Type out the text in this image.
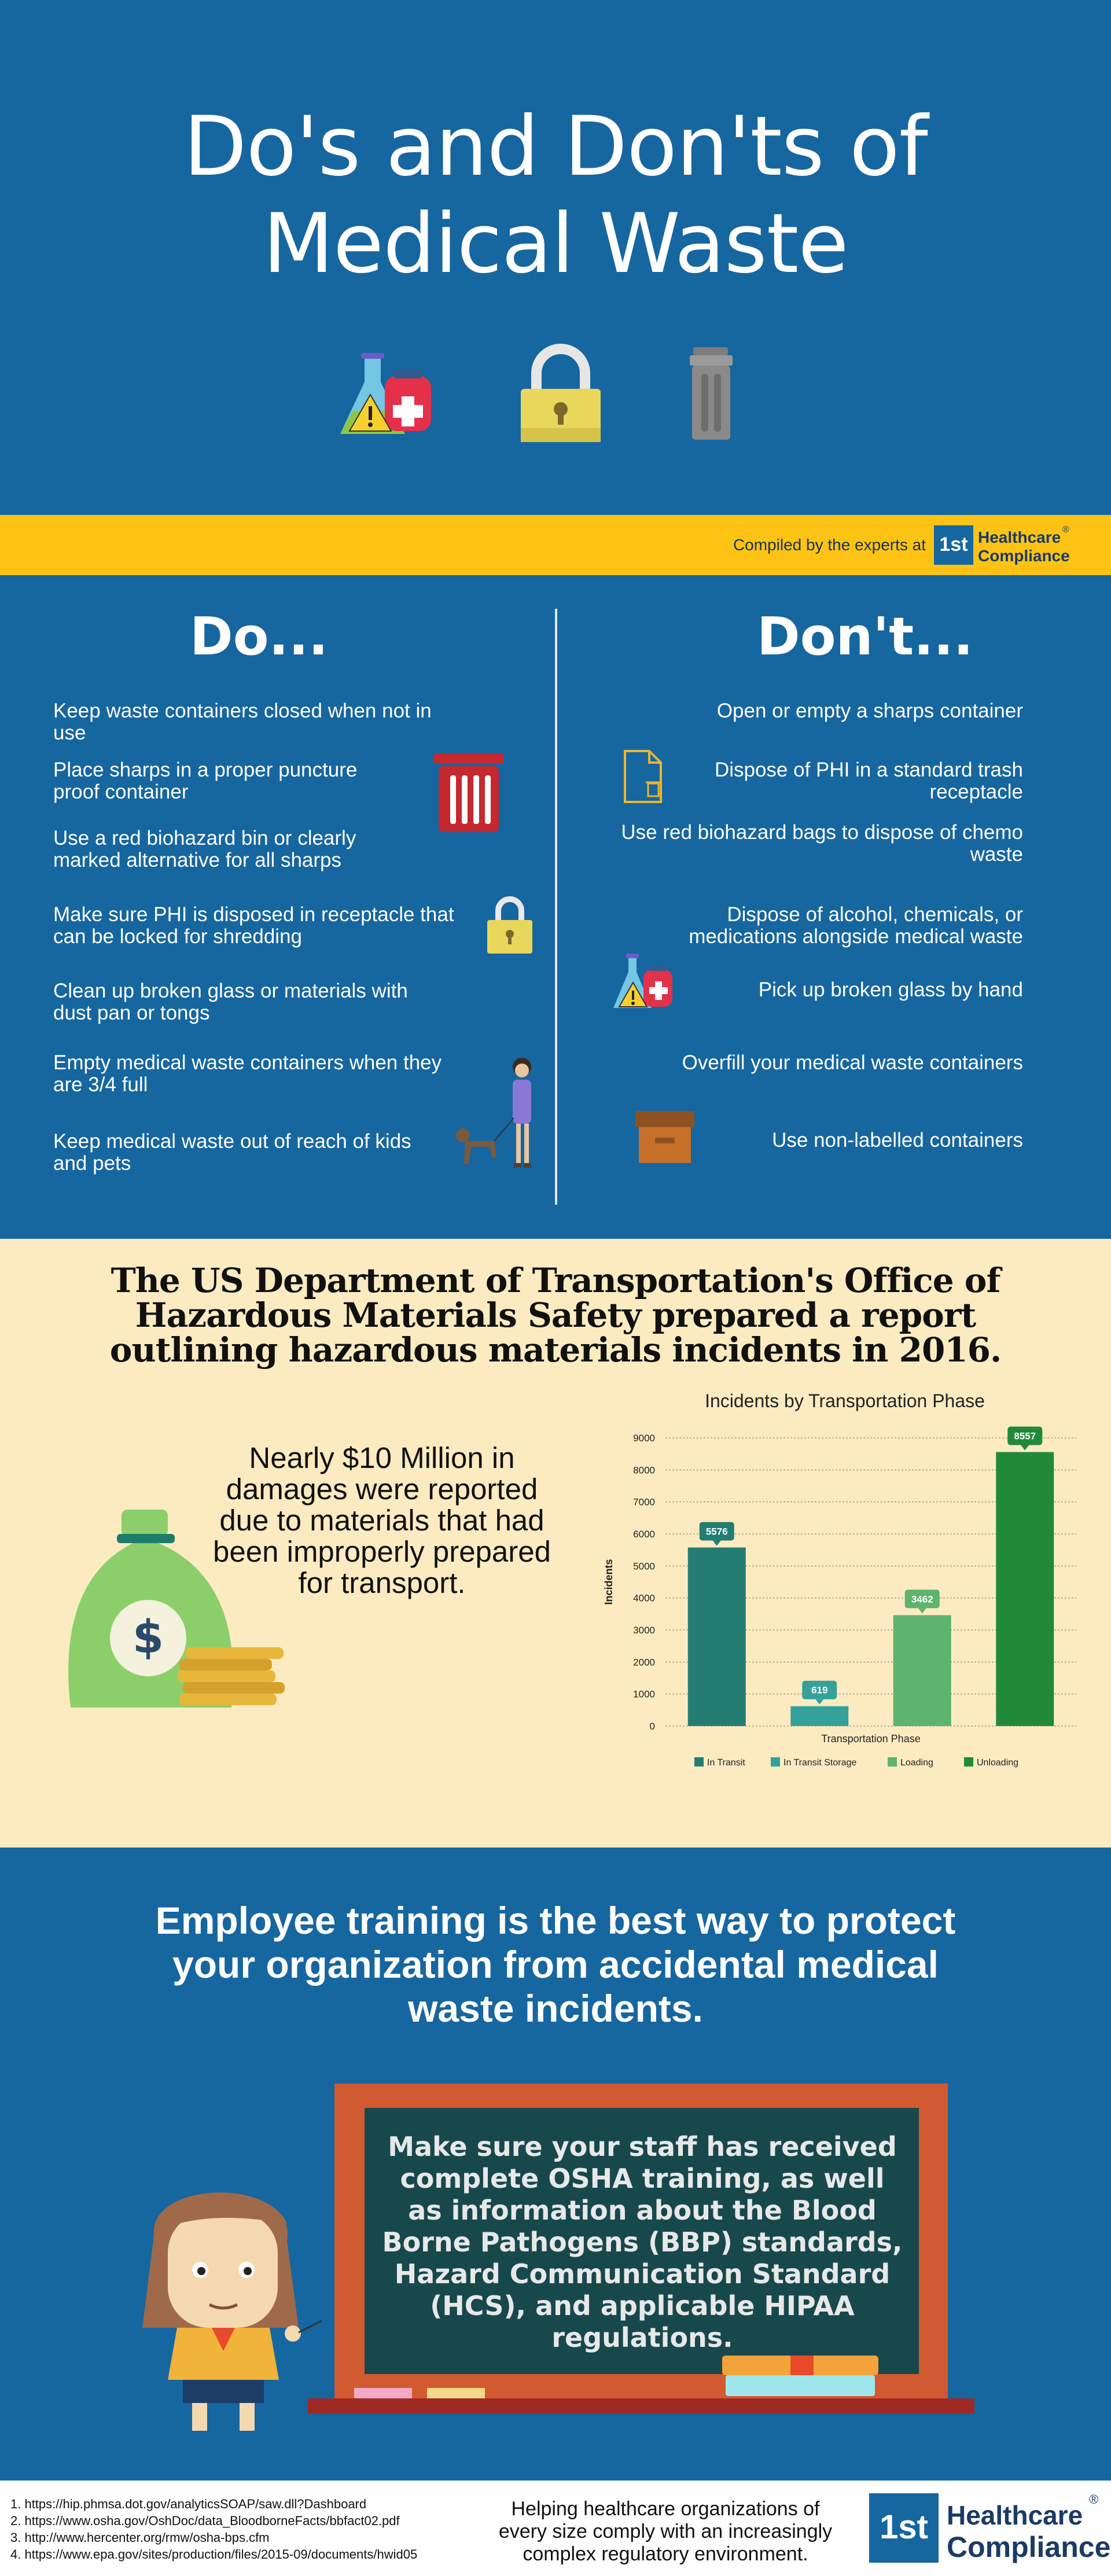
Do's and Don'ts of
Medical Waste
Compiled by the experts at 1st Healthcare
Compliance
®
Do...	Don't...

Keep waste containers closed when not in use

Place sharps in a proper puncture proof container

Use a red biohazard bin or clearly marked alternative for all sharps

Make sure PHI is disposed in receptacle that can be locked for shredding

Clean up broken glass or materials with dust pan or tongs

Empty medical waste containers when they are 3/4 full

Keep medical waste out of reach of kids and pets

Open or empty a sharps container

Dispose of PHI in a standard trash receptacle

Use red biohazard bags to dispose of chemo waste

Dispose of alcohol, chemicals, or medications alongside medical waste

Pick up broken glass by hand

Overfill your medical waste containers

Use non-labelled containers

The US Department of Transportation's Office of Hazardous Materials Safety prepared a report outlining hazardous materials incidents in 2016.

Nearly $10 Million in damages were reported due to materials that had been improperly prepared for transport.

$
Incidents by Transportation Phase
0
1000
2000
3000
4000
5000
6000
7000
8000
9000
Incidents
5576
619
3462
8557
Transportation Phase
In Transit	In Transit Storage	Loading	Unloading
Employee training is the best way to protect your organization from accidental medical waste incidents.

Make sure your staff has received complete OSHA training, as well as information about the Blood Borne Pathogens (BBP) standards, Hazard Communication Standard (HCS), and applicable HIPAA regulations.

1. https://hip.phmsa.dot.gov/analyticsSOAP/saw.dll?Dashboard
2. https://www.osha.gov/OshDoc/data_BloodborneFacts/bbfact02.pdf
3. http://www.hercenter.org/rmw/osha-bps.cfm
4. https://www.epa.gov/sites/production/files/2015-09/documents/hwid05

Helping healthcare organizations of every size comply with an increasingly complex regulatory environment.

1st Healthcare
Compliance
®
